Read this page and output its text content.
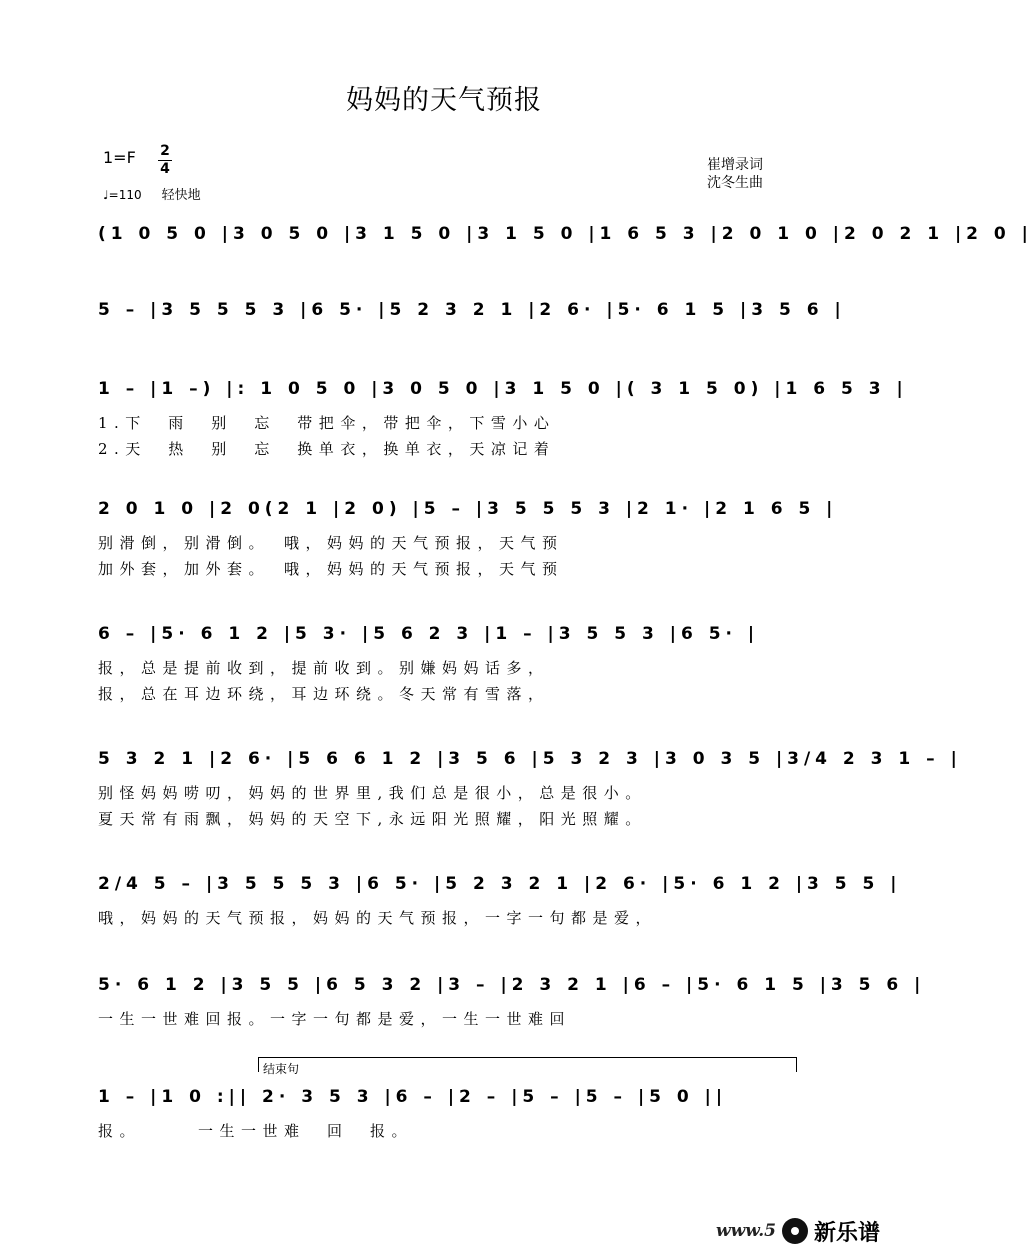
妈妈的天气预报
1=F 2
4
♩=110 轻快地
崔增录词
沈冬生曲
(1 0 5 0 |3 0 5 0 |3 1 5 0 |3 1 5 0 |1 6 5 3 |2 0 1 0 |2 0 2 1 |2 0 |
5 – |3 5 5 5 3 |6 5· |5 2 3 2 1 |2 6· |5· 6 1 5 |3 5 6 |
1 – |1 –) |: 1 0 5 0 |3 0 5 0 |3 1 5 0 |( 3 1 5 0) |1 6 5 3 |
1.下　雨　别　忘　带把伞，带把伞，下雪小心
2.天　热　别　忘　换单衣，换单衣，天凉记着
2 0 1 0 |2 0(2 1 |2 0) |5 – |3 5 5 5 3 |2 1· |2 1 6 5 |
别滑倒，别滑倒。　哦，妈妈的天气预报，天气预
加外套，加外套。　哦，妈妈的天气预报，天气预
6 – |5· 6 1 2 |5 3· |5 6 2 3 |1 – |3 5 5 3 |6 5· |
报，总是提前收到，提前收到。别嫌妈妈话多，
报，总在耳边环绕，耳边环绕。冬天常有雪落，
5 3 2 1 |2 6· |5 6 6 1 2 |3 5 6 |5 3 2 3 |3 0 3 5 |3/4 2 3 1 – |
别怪妈妈唠叨，妈妈的世界里,我们总是很小，总是很小。
夏天常有雨飘，妈妈的天空下,永远阳光照耀，阳光照耀。
2/4 5 – |3 5 5 5 3 |6 5· |5 2 3 2 1 |2 6· |5· 6 1 2 |3 5 5 |
哦，妈妈的天气预报，妈妈的天气预报，一字一句都是爱，
5· 6 1 2 |3 5 5 |6 5 3 2 |3 – |2 3 2 1 |6 – |5· 6 1 5 |3 5 6 |
一生一世难回报。一字一句都是爱，一生一世难回
结束句
1 – |1 0 :|| 2· 3 5 3 |6 – |2 – |5 – |5 – |5 0 ||
报。　　　一生一世难　回　报。
www.5 新乐谱
